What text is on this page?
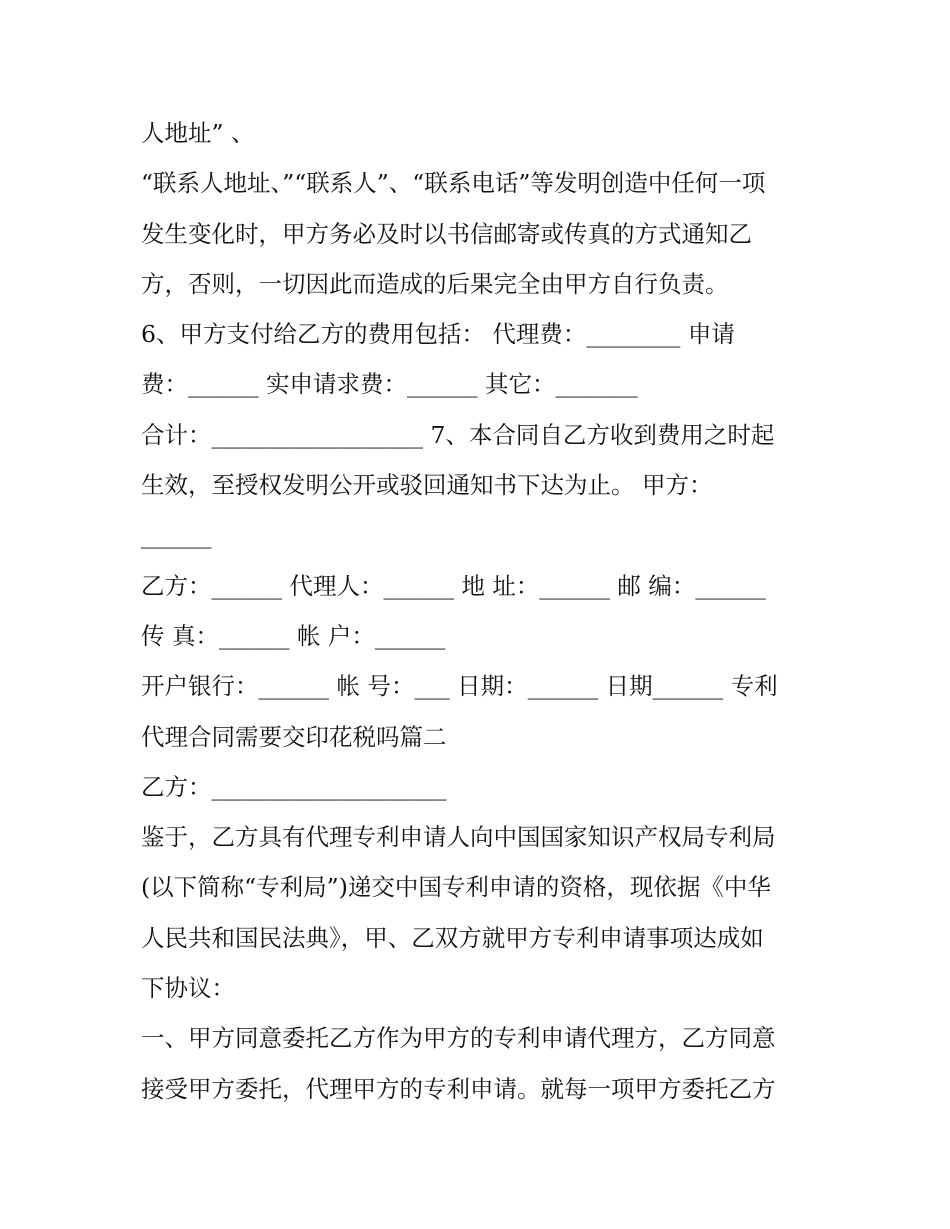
人地址” 、
“联系人地址、”“联系人”、“联系电话”等发明创造中任何一项
发生变化时，甲方务必及时以书信邮寄或传真的方式通知乙
方，否则，一切因此而造成的后果完全由甲方自行负责。
6、甲方支付给乙方的费用包括： 代理费：________ 申请
费：______ 实申请求费：______ 其它：_______
合计：__________________ 7、本合同自乙方收到费用之时起
生效，至授权发明公开或驳回通知书下达为止。 甲方：
______
乙方：______ 代理人：______ 地 址：______ 邮 编：______
传 真：______ 帐 户：______
开户银行：______ 帐 号：___ 日期：______ 日期______ 专利
代理合同需要交印花税吗篇二
乙方：____________________
鉴于，乙方具有代理专利申请人向中国国家知识产权局专利局
(以下简称“专利局”)递交中国专利申请的资格，现依据《中华
人民共和国民法典》，甲、乙双方就甲方专利申请事项达成如
下协议：
一、甲方同意委托乙方作为甲方的专利申请代理方，乙方同意
接受甲方委托，代理甲方的专利申请。就每一项甲方委托乙方
